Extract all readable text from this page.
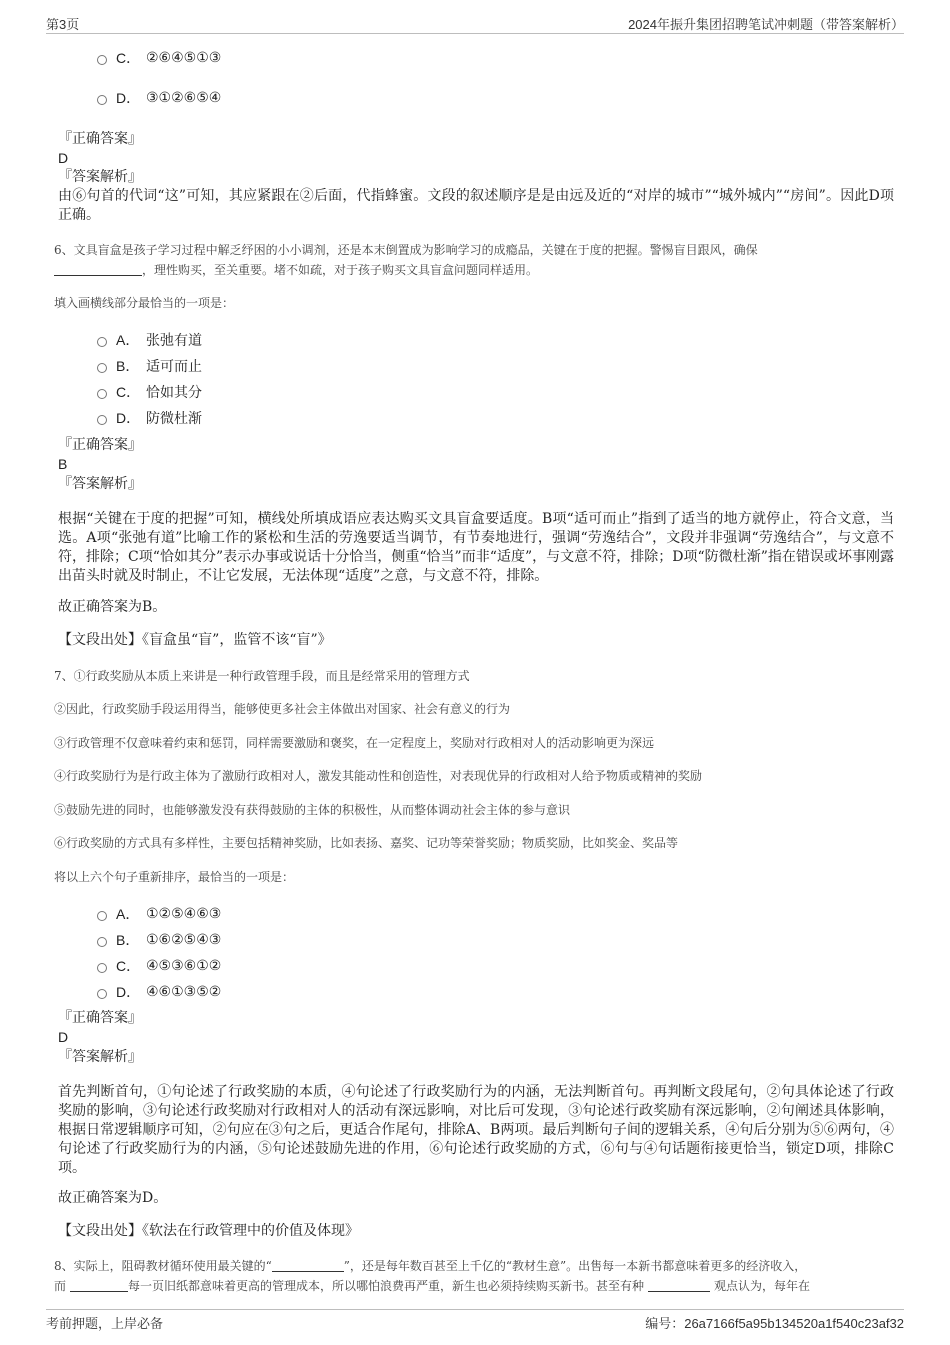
第3页	2024年振升集团招聘笔试冲刺题（带答案解析）
C． ②⑥④⑤①③
D． ③①②⑥⑤④
『正确答案』
D
『答案解析』
由⑥句首的代词“这”可知，其应紧跟在②后面，代指蜂蜜。文段的叙述顺序是是由远及近的“对岸的城市”“城外城内”“房间”。因此D项正确。
6、文具盲盒是孩子学习过程中解乏纾困的小小调剂，还是本末倒置成为影响学习的成瘾品，关键在于度的把握。警惕盲目跟风，确保
，理性购买，至关重要。堵不如疏，对于孩子购买文具盲盒问题同样适用。
填入画横线部分最恰当的一项是：
A． 张弛有道
B． 适可而止
C． 恰如其分
D． 防微杜渐
『正确答案』
B
『答案解析』
根据“关键在于度的把握”可知，横线处所填成语应表达购买文具盲盒要适度。B项“适可而止”指到了适当的地方就停止，符合文意，当选。A项“张弛有道”比喻工作的紧松和生活的劳逸要适当调节，有节奏地进行，强调“劳逸结合”，文段并非强调“劳逸结合”，与文意不符，排除；C项“恰如其分”表示办事或说话十分恰当，侧重“恰当”而非“适度”，与文意不符，排除；D项“防微杜渐”指在错误或坏事刚露出苗头时就及时制止，不让它发展，无法体现“适度”之意，与文意不符，排除。
故正确答案为B。
【文段出处】《盲盒虽“盲”，监管不该“盲”》
7、①行政奖励从本质上来讲是一种行政管理手段，而且是经常采用的管理方式
②因此，行政奖励手段运用得当，能够使更多社会主体做出对国家、社会有意义的行为
③行政管理不仅意味着约束和惩罚，同样需要激励和褒奖，在一定程度上，奖励对行政相对人的活动影响更为深远
④行政奖励行为是行政主体为了激励行政相对人，激发其能动性和创造性，对表现优异的行政相对人给予物质或精神的奖励
⑤鼓励先进的同时，也能够激发没有获得鼓励的主体的积极性，从而整体调动社会主体的参与意识
⑥行政奖励的方式具有多样性，主要包括精神奖励，比如表扬、嘉奖、记功等荣誉奖励；物质奖励，比如奖金、奖品等
将以上六个句子重新排序，最恰当的一项是：
A． ①②⑤④⑥③
B． ①⑥②⑤④③
C． ④⑤③⑥①②
D． ④⑥①③⑤②
『正确答案』
D
『答案解析』
首先判断首句，①句论述了行政奖励的本质，④句论述了行政奖励行为的内涵，无法判断首句。再判断文段尾句，②句具体论述了行政奖励的影响，③句论述行政奖励对行政相对人的活动有深远影响，对比后可发现，③句论述行政奖励有深远影响，②句阐述具体影响，根据日常逻辑顺序可知，②句应在③句之后，更适合作尾句，排除A、B两项。最后判断句子间的逻辑关系，④句后分别为⑤⑥两句，④句论述了行政奖励行为的内涵，⑤句论述鼓励先进的作用，⑥句论述行政奖励的方式，⑥句与④句话题衔接更恰当，锁定D项，排除C项。
故正确答案为D。
【文段出处】《软法在行政管理中的价值及体现》
8、实际上，阻碍教材循环使用最关键的“	”，还是每年数百甚至上千亿的“教材生意”。出售每一本新书都意味着更多的经济收入，
而	每一页旧纸都意味着更高的管理成本，所以哪怕浪费再严重，新生也必须持续购买新书。甚至有种	观点认为，每年在
考前押题，上岸必备	编号：26a7166f5a95b134520a1f540c23af32
